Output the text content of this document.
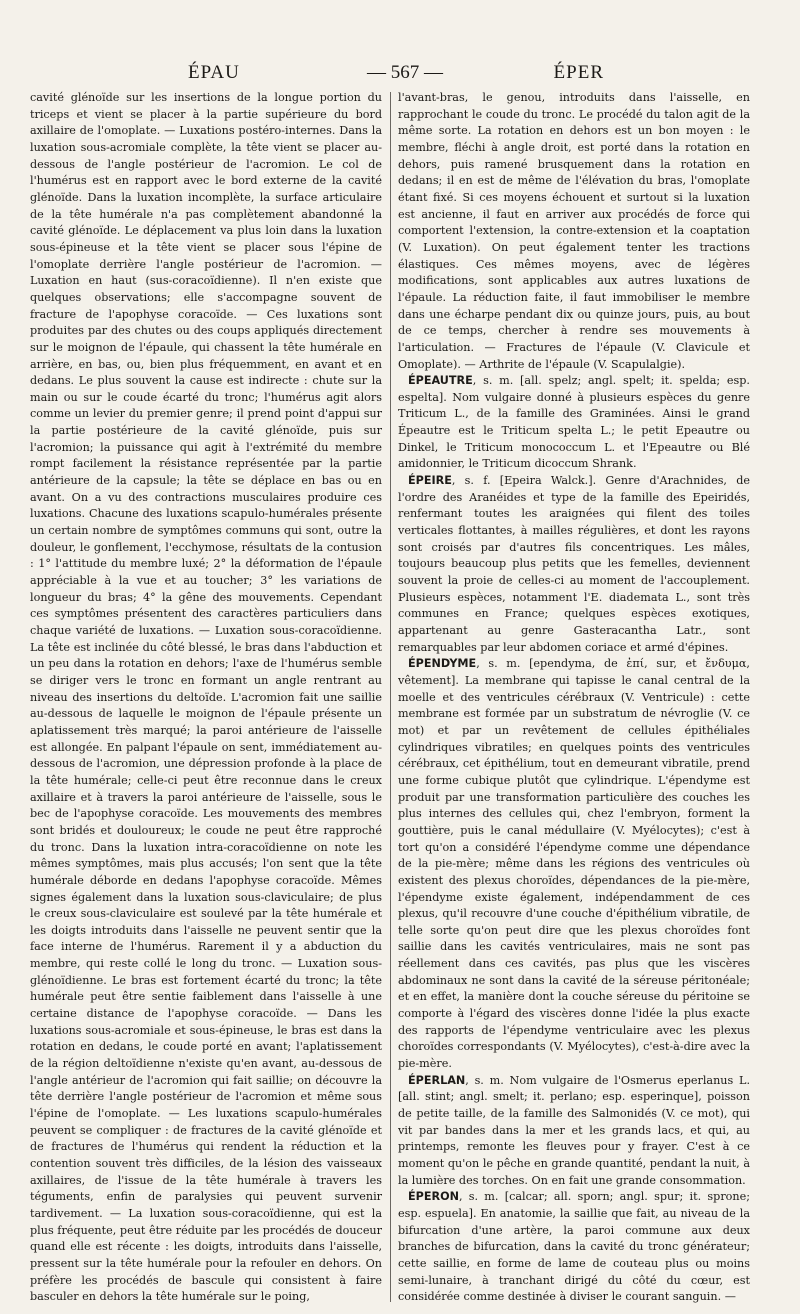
ÉPAU	— 567 —	ÉPER

cavité glénoïde sur les insertions de la longue portion du triceps et vient se placer à la partie supérieure du bord axillaire de l'omoplate. — Luxations postéro-internes. Dans la luxation sous-acromiale complète, la tête vient se placer au-dessous de l'angle postérieur de l'acromion. Le col de l'humérus est en rapport avec le bord externe de la cavité glénoïde. Dans la luxation incomplète, la surface articulaire de la tête humérale n'a pas complètement abandonné la cavité glénoïde. Le déplacement va plus loin dans la luxation sous-épineuse et la tête vient se placer sous l'épine de l'omoplate derrière l'angle postérieur de l'acromion. — Luxation en haut (sus-coracoïdienne). Il n'en existe que quelques observations; elle s'accompagne souvent de fracture de l'apophyse coracoïde. — Ces luxations sont produites par des chutes ou des coups appliqués directement sur le moignon de l'épaule, qui chassent la tête humérale en arrière, en bas, ou, bien plus fréquemment, en avant et en dedans. Le plus souvent la cause est indirecte : chute sur la main ou sur le coude écarté du tronc; l'humérus agit alors comme un levier du premier genre; il prend point d'appui sur la partie postérieure de la cavité glénoïde, puis sur l'acromion; la puissance qui agit à l'extrémité du membre rompt facilement la résistance représentée par la partie antérieure de la capsule; la tête se déplace en bas ou en avant. On a vu des contractions musculaires produire ces luxations. Chacune des luxations scapulo-humérales présente un certain nombre de symptômes communs qui sont, outre la douleur, le gonflement, l'ecchymose, résultats de la contusion : 1° l'attitude du membre luxé; 2° la déformation de l'épaule appréciable à la vue et au toucher; 3° les variations de longueur du bras; 4° la gêne des mouvements. Cependant ces symptômes présentent des caractères particuliers dans chaque variété de luxations. — Luxation sous-coracoïdienne. La tête est inclinée du côté blessé, le bras dans l'abduction et un peu dans la rotation en dehors; l'axe de l'humérus semble se diriger vers le tronc en formant un angle rentrant au niveau des insertions du deltoïde. L'acromion fait une saillie au-dessous de laquelle le moignon de l'épaule présente un aplatissement très marqué; la paroi antérieure de l'aisselle est allongée. En palpant l'épaule on sent, immédiatement au-dessous de l'acromion, une dépression profonde à la place de la tête humérale; celle-ci peut être reconnue dans le creux axillaire et à travers la paroi antérieure de l'aisselle, sous le bec de l'apophyse coracoïde. Les mouvements des membres sont bridés et douloureux; le coude ne peut être rapproché du tronc. Dans la luxation intra-coracoïdienne on note les mêmes symptômes, mais plus accusés; l'on sent que la tête humérale déborde en dedans l'apophyse coracoïde. Mêmes signes également dans la luxation sous-claviculaire; de plus le creux sous-claviculaire est soulevé par la tête humérale et les doigts introduits dans l'aisselle ne peuvent sentir que la face interne de l'humérus. Rarement il y a abduction du membre, qui reste collé le long du tronc. — Luxation sous-glénoïdienne. Le bras est fortement écarté du tronc; la tête humérale peut être sentie faiblement dans l'aisselle à une certaine distance de l'apophyse coracoïde. — Dans les luxations sous-acromiale et sous-épineuse, le bras est dans la rotation en dedans, le coude porté en avant; l'aplatissement de la région deltoïdienne n'existe qu'en avant, au-dessous de l'angle antérieur de l'acromion qui fait saillie; on découvre la tête derrière l'angle postérieur de l'acromion et même sous l'épine de l'omoplate. — Les luxations scapulo-humérales peuvent se compliquer : de fractures de la cavité glénoïde et de fractures de l'humérus qui rendent la réduction et la contention souvent très difficiles, de la lésion des vaisseaux axillaires, de l'issue de la tête humérale à travers les téguments, enfin de paralysies qui peuvent survenir tardivement. — La luxation sous-coracoïdienne, qui est la plus fréquente, peut être réduite par les procédés de douceur quand elle est récente : les doigts, introduits dans l'aisselle, pressent sur la tête humérale pour la refouler en dehors. On préfère les procédés de bascule qui consistent à faire basculer en dehors la tête humérale sur le poing,

l'avant-bras, le genou, introduits dans l'aisselle, en rapprochant le coude du tronc. Le procédé du talon agit de la même sorte. La rotation en dehors est un bon moyen : le membre, fléchi à angle droit, est porté dans la rotation en dehors, puis ramené brusquement dans la rotation en dedans; il en est de même de l'élévation du bras, l'omoplate étant fixé. Si ces moyens échouent et surtout si la luxation est ancienne, il faut en arriver aux procédés de force qui comportent l'extension, la contre-extension et la coaptation (V. Luxation). On peut également tenter les tractions élastiques. Ces mêmes moyens, avec de légères modifications, sont applicables aux autres luxations de l'épaule. La réduction faite, il faut immobiliser le membre dans une écharpe pendant dix ou quinze jours, puis, au bout de ce temps, chercher à rendre ses mouvements à l'articulation. — Fractures de l'épaule (V. Clavicule et Omoplate). — Arthrite de l'épaule (V. Scapulalgie).

ÉPEAUTRE, s. m. [all. spelz; angl. spelt; it. spelda; esp. espelta]. Nom vulgaire donné à plusieurs espèces du genre Triticum L., de la famille des Graminées. Ainsi le grand Épeautre est le Triticum spelta L.; le petit Epeautre ou Dinkel, le Triticum monococcum L. et l'Epeautre ou Blé amidonnier, le Triticum dicoccum Shrank.

ÉPEIRE, s. f. [Epeira Walck.]. Genre d'Arachnides, de l'ordre des Aranéides et type de la famille des Epeiridés, renfermant toutes les araignées qui filent des toiles verticales flottantes, à mailles régulières, et dont les rayons sont croisés par d'autres fils concentriques. Les mâles, toujours beaucoup plus petits que les femelles, deviennent souvent la proie de celles-ci au moment de l'accouplement. Plusieurs espèces, notamment l'E. diademata L., sont très communes en France; quelques espèces exotiques, appartenant au genre Gasteracantha Latr., sont remarquables par leur abdomen coriace et armé d'épines.

ÉPENDYME, s. m. [ependyma, de ἐπί, sur, et ἔνδυμα, vêtement]. La membrane qui tapisse le canal central de la moelle et des ventricules cérébraux (V. Ventricule) : cette membrane est formée par un substratum de névroglie (V. ce mot) et par un revêtement de cellules épithéliales cylindriques vibratiles; en quelques points des ventricules cérébraux, cet épithélium, tout en demeurant vibratile, prend une forme cubique plutôt que cylindrique. L'épendyme est produit par une transformation particulière des couches les plus internes des cellules qui, chez l'embryon, forment la gouttière, puis le canal médullaire (V. Myélocytes); c'est à tort qu'on a considéré l'épendyme comme une dépendance de la pie-mère; même dans les régions des ventricules où existent des plexus choroïdes, dépendances de la pie-mère, l'épendyme existe également, indépendamment de ces plexus, qu'il recouvre d'une couche d'épithélium vibratile, de telle sorte qu'on peut dire que les plexus choroïdes font saillie dans les cavités ventriculaires, mais ne sont pas réellement dans ces cavités, pas plus que les viscères abdominaux ne sont dans la cavité de la séreuse péritonéale; et en effet, la manière dont la couche séreuse du péritoine se comporte à l'égard des viscères donne l'idée la plus exacte des rapports de l'épendyme ventriculaire avec les plexus choroïdes correspondants (V. Myélocytes), c'est-à-dire avec la pie-mère.

ÉPERLAN, s. m. Nom vulgaire de l'Osmerus eperlanus L. [all. stint; angl. smelt; it. perlano; esp. esperinque], poisson de petite taille, de la famille des Salmonidés (V. ce mot), qui vit par bandes dans la mer et les grands lacs, et qui, au printemps, remonte les fleuves pour y frayer. C'est à ce moment qu'on le pêche en grande quantité, pendant la nuit, à la lumière des torches. On en fait une grande consommation.

ÉPERON, s. m. [calcar; all. sporn; angl. spur; it. sprone; esp. espuela]. En anatomie, la saillie que fait, au niveau de la bifurcation d'une artère, la paroi commune aux deux branches de bifurcation, dans la cavité du tronc générateur; cette saillie, en forme de lame de couteau plus ou moins semi-lunaire, à tranchant dirigé du côté du cœur, est considérée comme destinée à diviser le courant sanguin. —
